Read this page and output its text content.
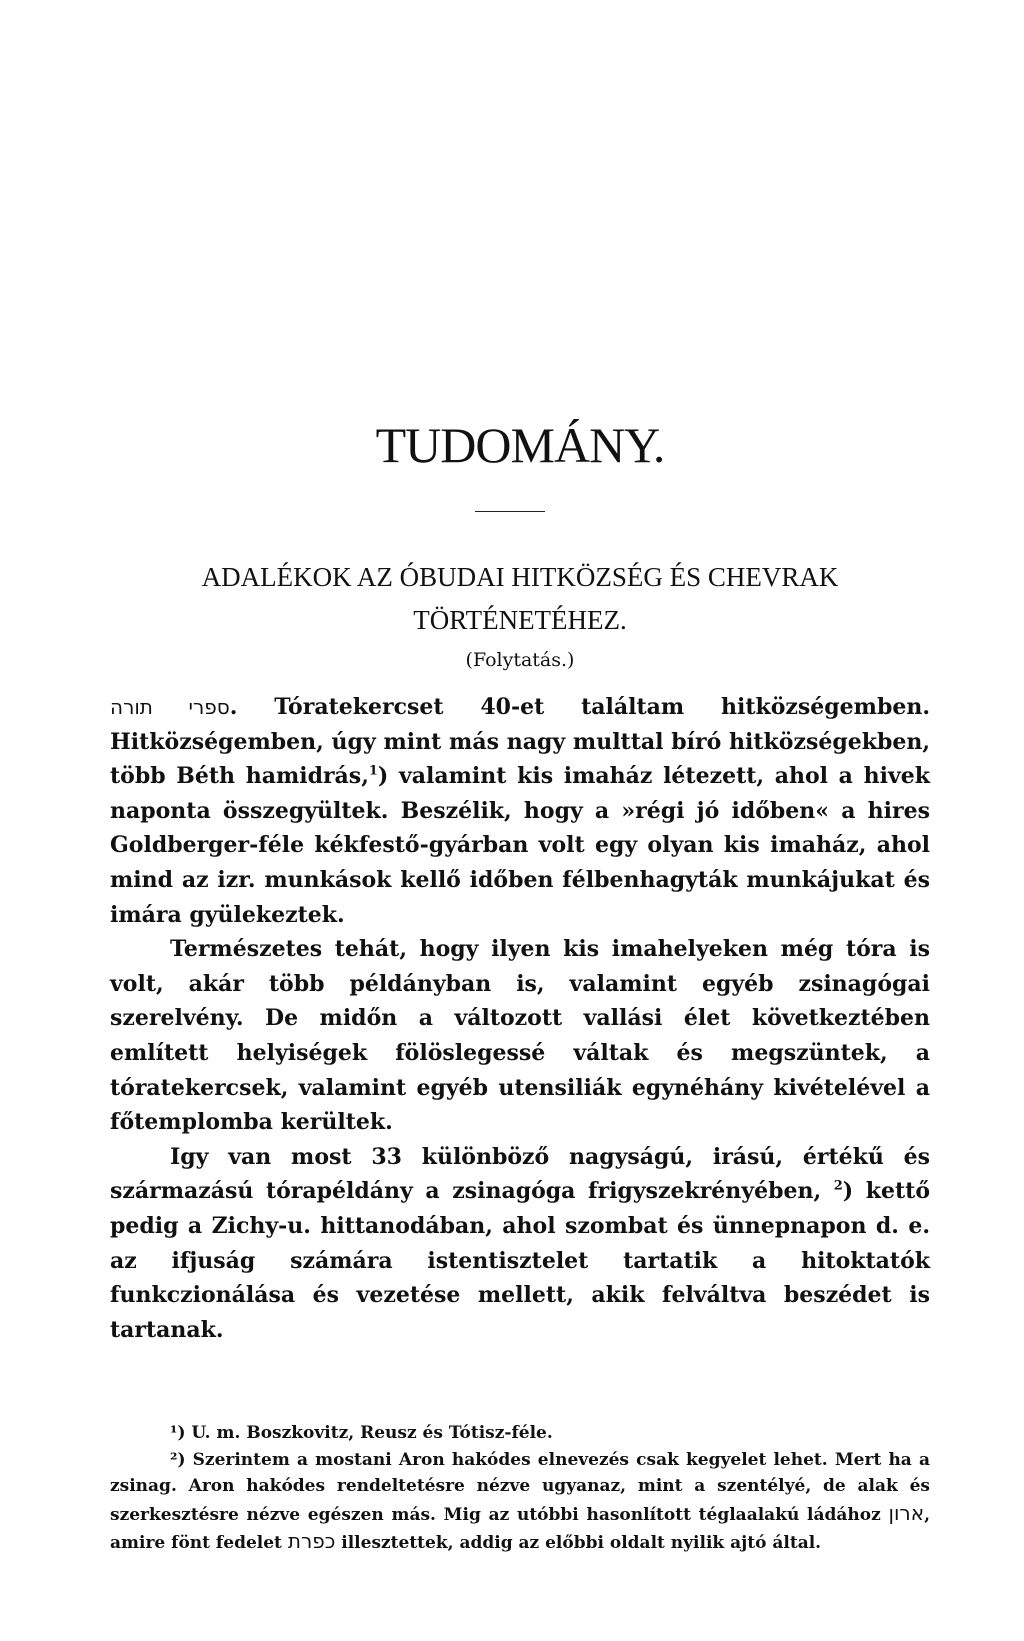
TUDOMÁNY.
ADALÉKOK AZ ÓBUDAI HITKÖZSÉG ÉS CHEVRAK
TÖRTÉNETÉHEZ.
(Folytatás.)

ספרי תורה. Tóratekercset 40-et találtam hitközségemben. Hitközségemben, úgy mint más nagy multtal bíró hitközségekben, több Béth hamidrás,$^1$) valamint kis imaház létezett, ahol a hivek naponta összegyültek. Beszélik, hogy a »régi jó időben« a hires Goldberger-féle kékfestő-gyárban volt egy olyan kis imaház, ahol mind az izr. munkások kellő időben félbenhagyták munkájukat és imára gyülekeztek.

Természetes tehát, hogy ilyen kis imahelyeken még tóra is volt, akár több példányban is, valamint egyéb zsinagógai szerelvény. De midőn a változott vallási élet következtében említett helyiségek fölöslegessé váltak és megszüntek, a tóratekercsek, valamint egyéb utensiliák egynéhány kivételével a főtemplomba kerültek.

Igy van most 33 különböző nagyságú, irású, értékű és származású tórapéldány a zsinagóga frigyszekrényében, $^2$) kettő pedig a Zichy-u. hittanodában, ahol szombat és ünnepnapon d. e. az ifjuság számára istentisztelet tartatik a hitoktatók funkczionálása és vezetése mellett, akik felváltva beszédet is tartanak.

¹) U. m. Boszkovitz, Reusz és Tótisz-féle.

²) Szerintem a mostani Aron hakódes elnevezés csak kegyelet lehet. Mert ha a zsinag. Aron hakódes rendeltetésre nézve ugyanaz, mint a szentélyé, de alak és szerkesztésre nézve egészen más. Mig az utóbbi hasonlított téglaalakú ládához ארון, amire fönt fedelet כפרת illesztettek, addig az előbbi oldalt nyilik ajtó által.
